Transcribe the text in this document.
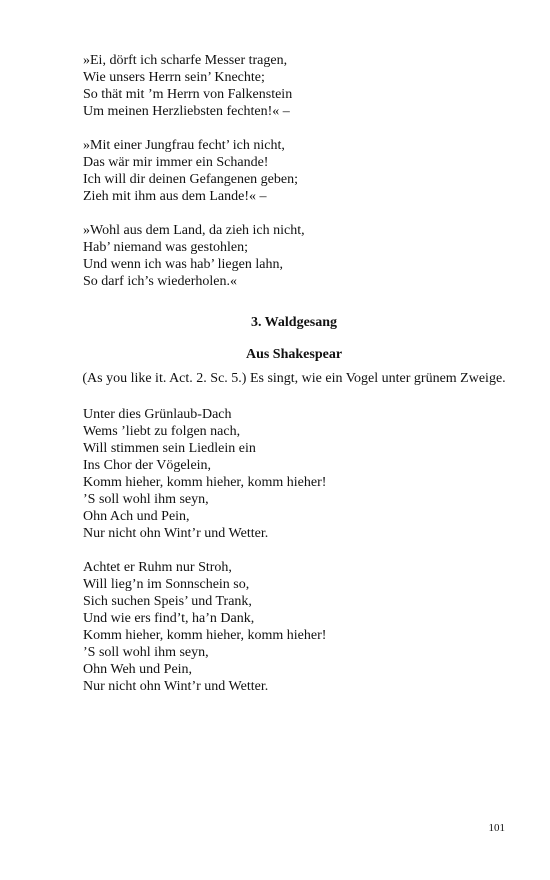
»Ei, dörft ich scharfe Messer tragen,
Wie unsers Herrn sein’ Knechte;
So thät mit ’m Herrn von Falkenstein
Um meinen Herzliebsten fechten!« –
»Mit einer Jungfrau fecht’ ich nicht,
Das wär mir immer ein Schande!
Ich will dir deinen Gefangenen geben;
Zieh mit ihm aus dem Lande!« –
»Wohl aus dem Land, da zieh ich nicht,
Hab’ niemand was gestohlen;
Und wenn ich was hab’ liegen lahn,
So darf ich’s wiederholen.«
3. Waldgesang
Aus Shakespear
(As you like it. Act. 2. Sc. 5.) Es singt, wie ein Vogel unter grünem Zweige.
Unter dies Grünlaub-Dach
Wems ’liebt zu folgen nach,
Will stimmen sein Liedlein ein
Ins Chor der Vögelein,
Komm hieher, komm hieher, komm hieher!
’S soll wohl ihm seyn,
Ohn Ach und Pein,
Nur nicht ohn Wint’r und Wetter.
Achtet er Ruhm nur Stroh,
Will lieg’n im Sonnschein so,
Sich suchen Speis’ und Trank,
Und wie ers find’t, ha’n Dank,
Komm hieher, komm hieher, komm hieher!
’S soll wohl ihm seyn,
Ohn Weh und Pein,
Nur nicht ohn Wint’r und Wetter.
101
